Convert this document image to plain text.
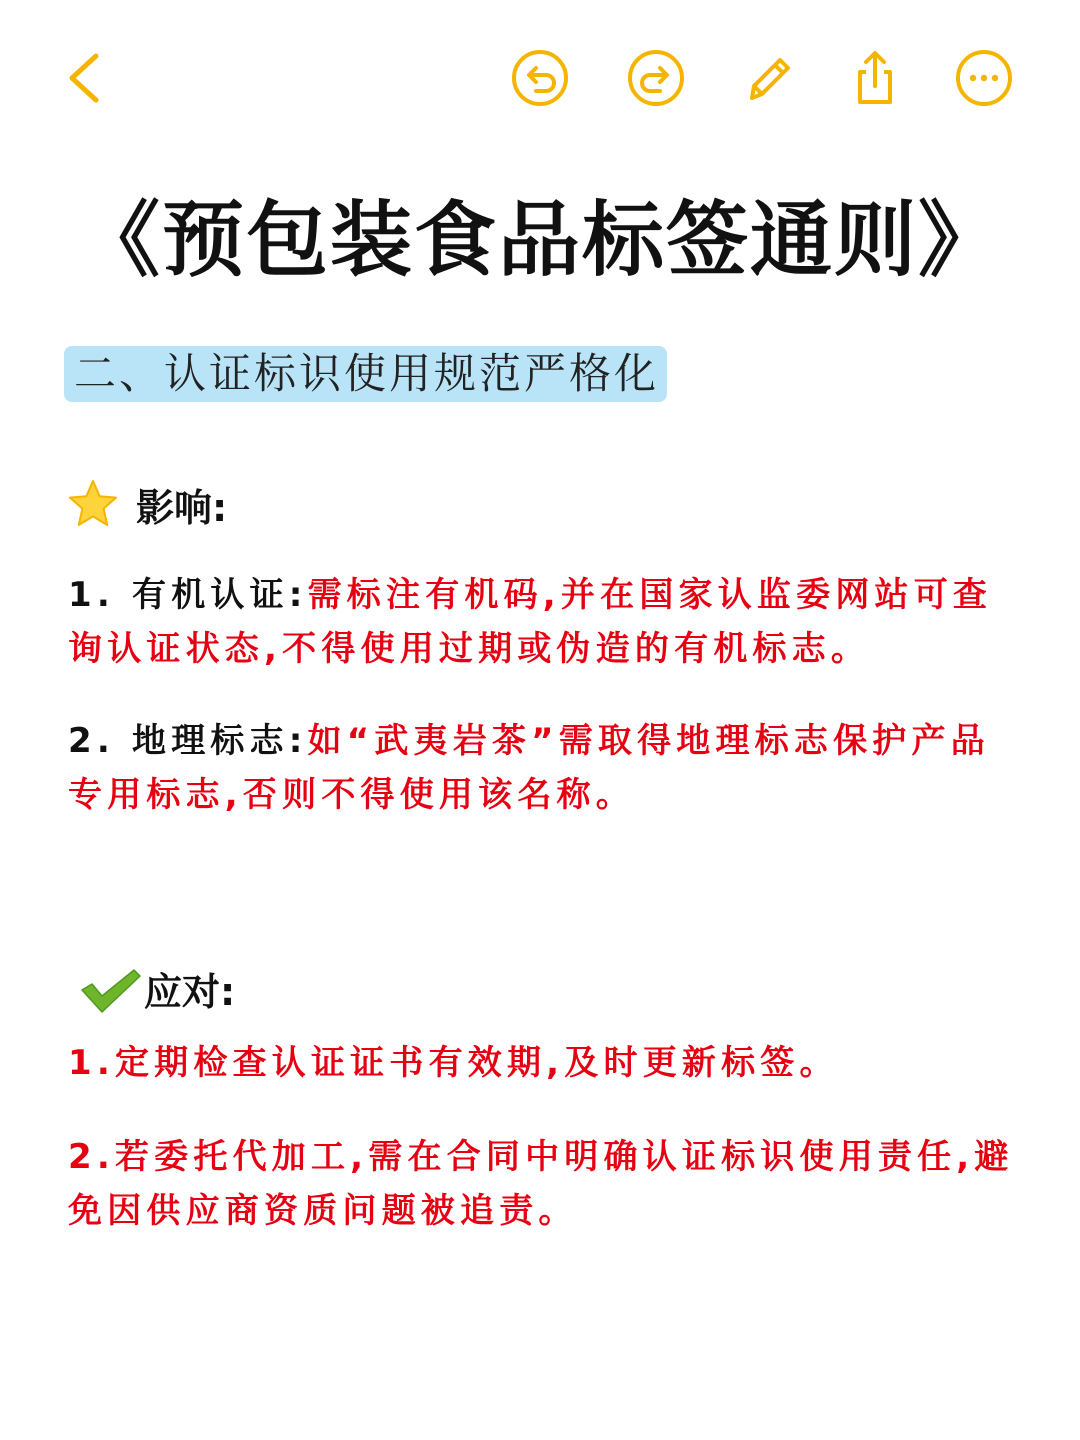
《预包装食品标签通则》
二、认证标识使用规范严格化
影响:
1. 有机认证:需标注有机码,并在国家认监委网站可查询认证状态,不得使用过期或伪造的有机标志。
2. 地理标志:如“武夷岩茶”需取得地理标志保护产品专用标志,否则不得使用该名称。
应对:
1.定期检查认证证书有效期,及时更新标签。
2.若委托代加工,需在合同中明确认证标识使用责任,避免因供应商资质问题被追责。
